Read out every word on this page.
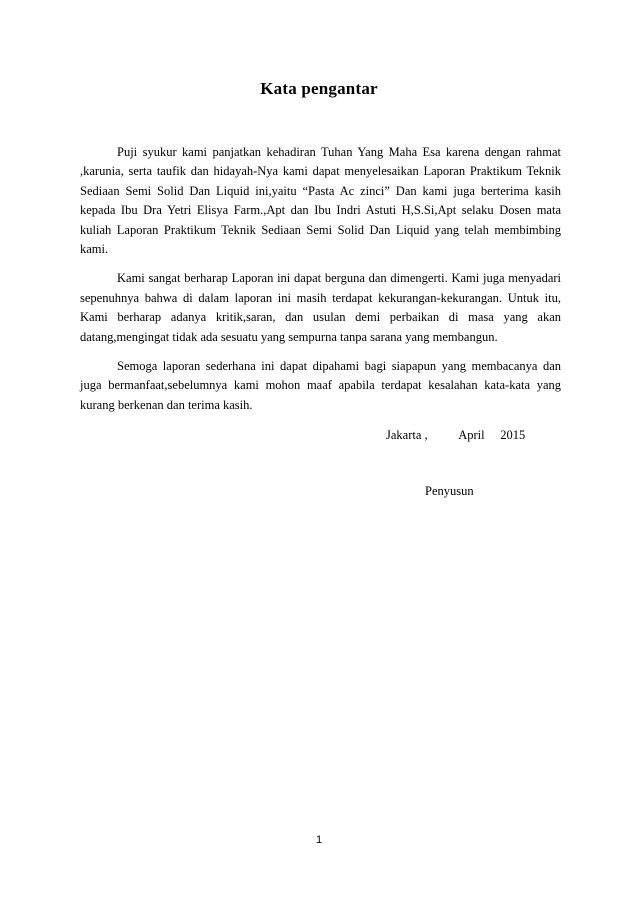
Kata pengantar

Puji syukur kami panjatkan kehadiran Tuhan Yang Maha Esa karena dengan rahmat ,karunia, serta taufik dan hidayah-Nya kami dapat menyelesaikan Laporan Praktikum Teknik Sediaan Semi Solid Dan Liquid ini,yaitu “Pasta Ac zinci” Dan kami juga berterima kasih kepada Ibu Dra Yetri Elisya Farm.,Apt dan Ibu Indri Astuti H,S.Si,Apt selaku Dosen mata kuliah Laporan Praktikum Teknik Sediaan Semi Solid Dan Liquid yang telah membimbing kami.

Kami sangat berharap Laporan ini dapat berguna dan dimengerti. Kami juga menyadari sepenuhnya bahwa di dalam laporan ini masih terdapat kekurangan-kekurangan. Untuk itu, Kami berharap adanya kritik,saran, dan usulan demi perbaikan di masa yang akan datang,mengingat tidak ada sesuatu yang sempurna tanpa sarana yang membangun.

Semoga laporan sederhana ini dapat dipahami bagi siapapun yang membacanya dan juga bermanfaat,sebelumnya kami mohon maaf apabila terdapat kesalahan kata-kata yang kurang berkenan dan terima kasih.

Jakarta ,          April     2015
Penyusun
1
